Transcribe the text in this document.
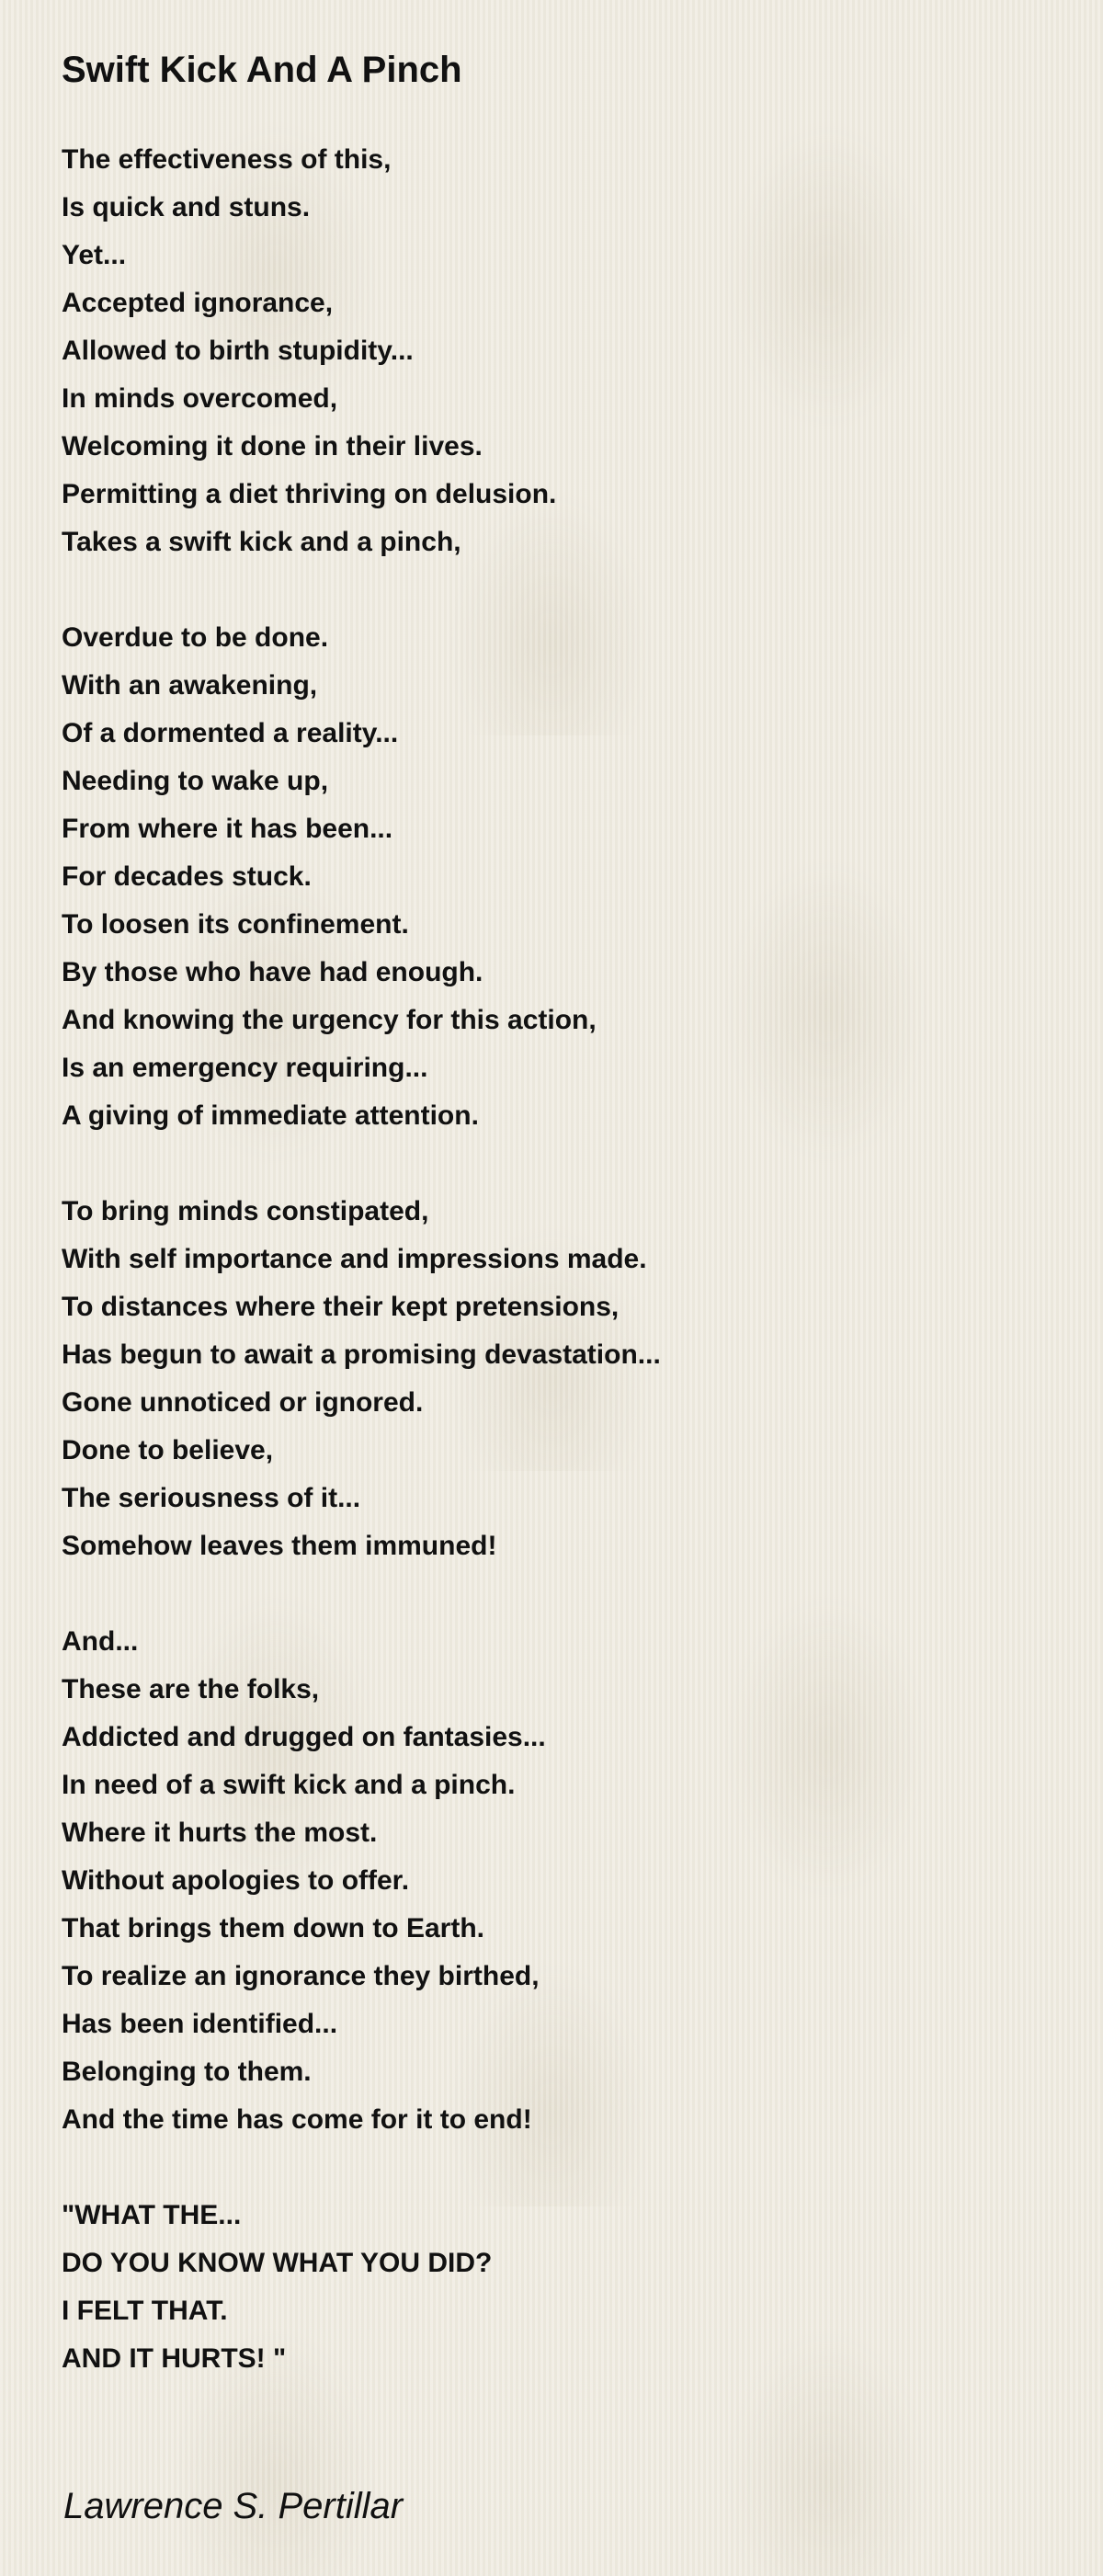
Swift Kick And A Pinch
The effectiveness of this,
Is quick and stuns.
Yet...
Accepted ignorance,
Allowed to birth stupidity...
In minds overcomed,
Welcoming it done in their lives.
Permitting a diet thriving on delusion.
Takes a swift kick and a pinch,
Overdue to be done.
With an awakening,
Of a dormented a reality...
Needing to wake up,
From where it has been...
For decades stuck.
To loosen its confinement.
By those who have had enough.
And knowing the urgency for this action,
Is an emergency requiring...
A giving of immediate attention.
To bring minds constipated,
With self importance and impressions made.
To distances where their kept pretensions,
Has begun to await a promising devastation...
Gone unnoticed or ignored.
Done to believe,
The seriousness of it...
Somehow leaves them immuned!
And...
These are the folks,
Addicted and drugged on fantasies...
In need of a swift kick and a pinch.
Where it hurts the most.
Without apologies to offer.
That brings them down to Earth.
To realize an ignorance they birthed,
Has been identified...
Belonging to them.
And the time has come for it to end!
"WHAT THE...
DO YOU KNOW WHAT YOU DID?
I FELT THAT.
AND IT HURTS! "
Lawrence S. Pertillar
